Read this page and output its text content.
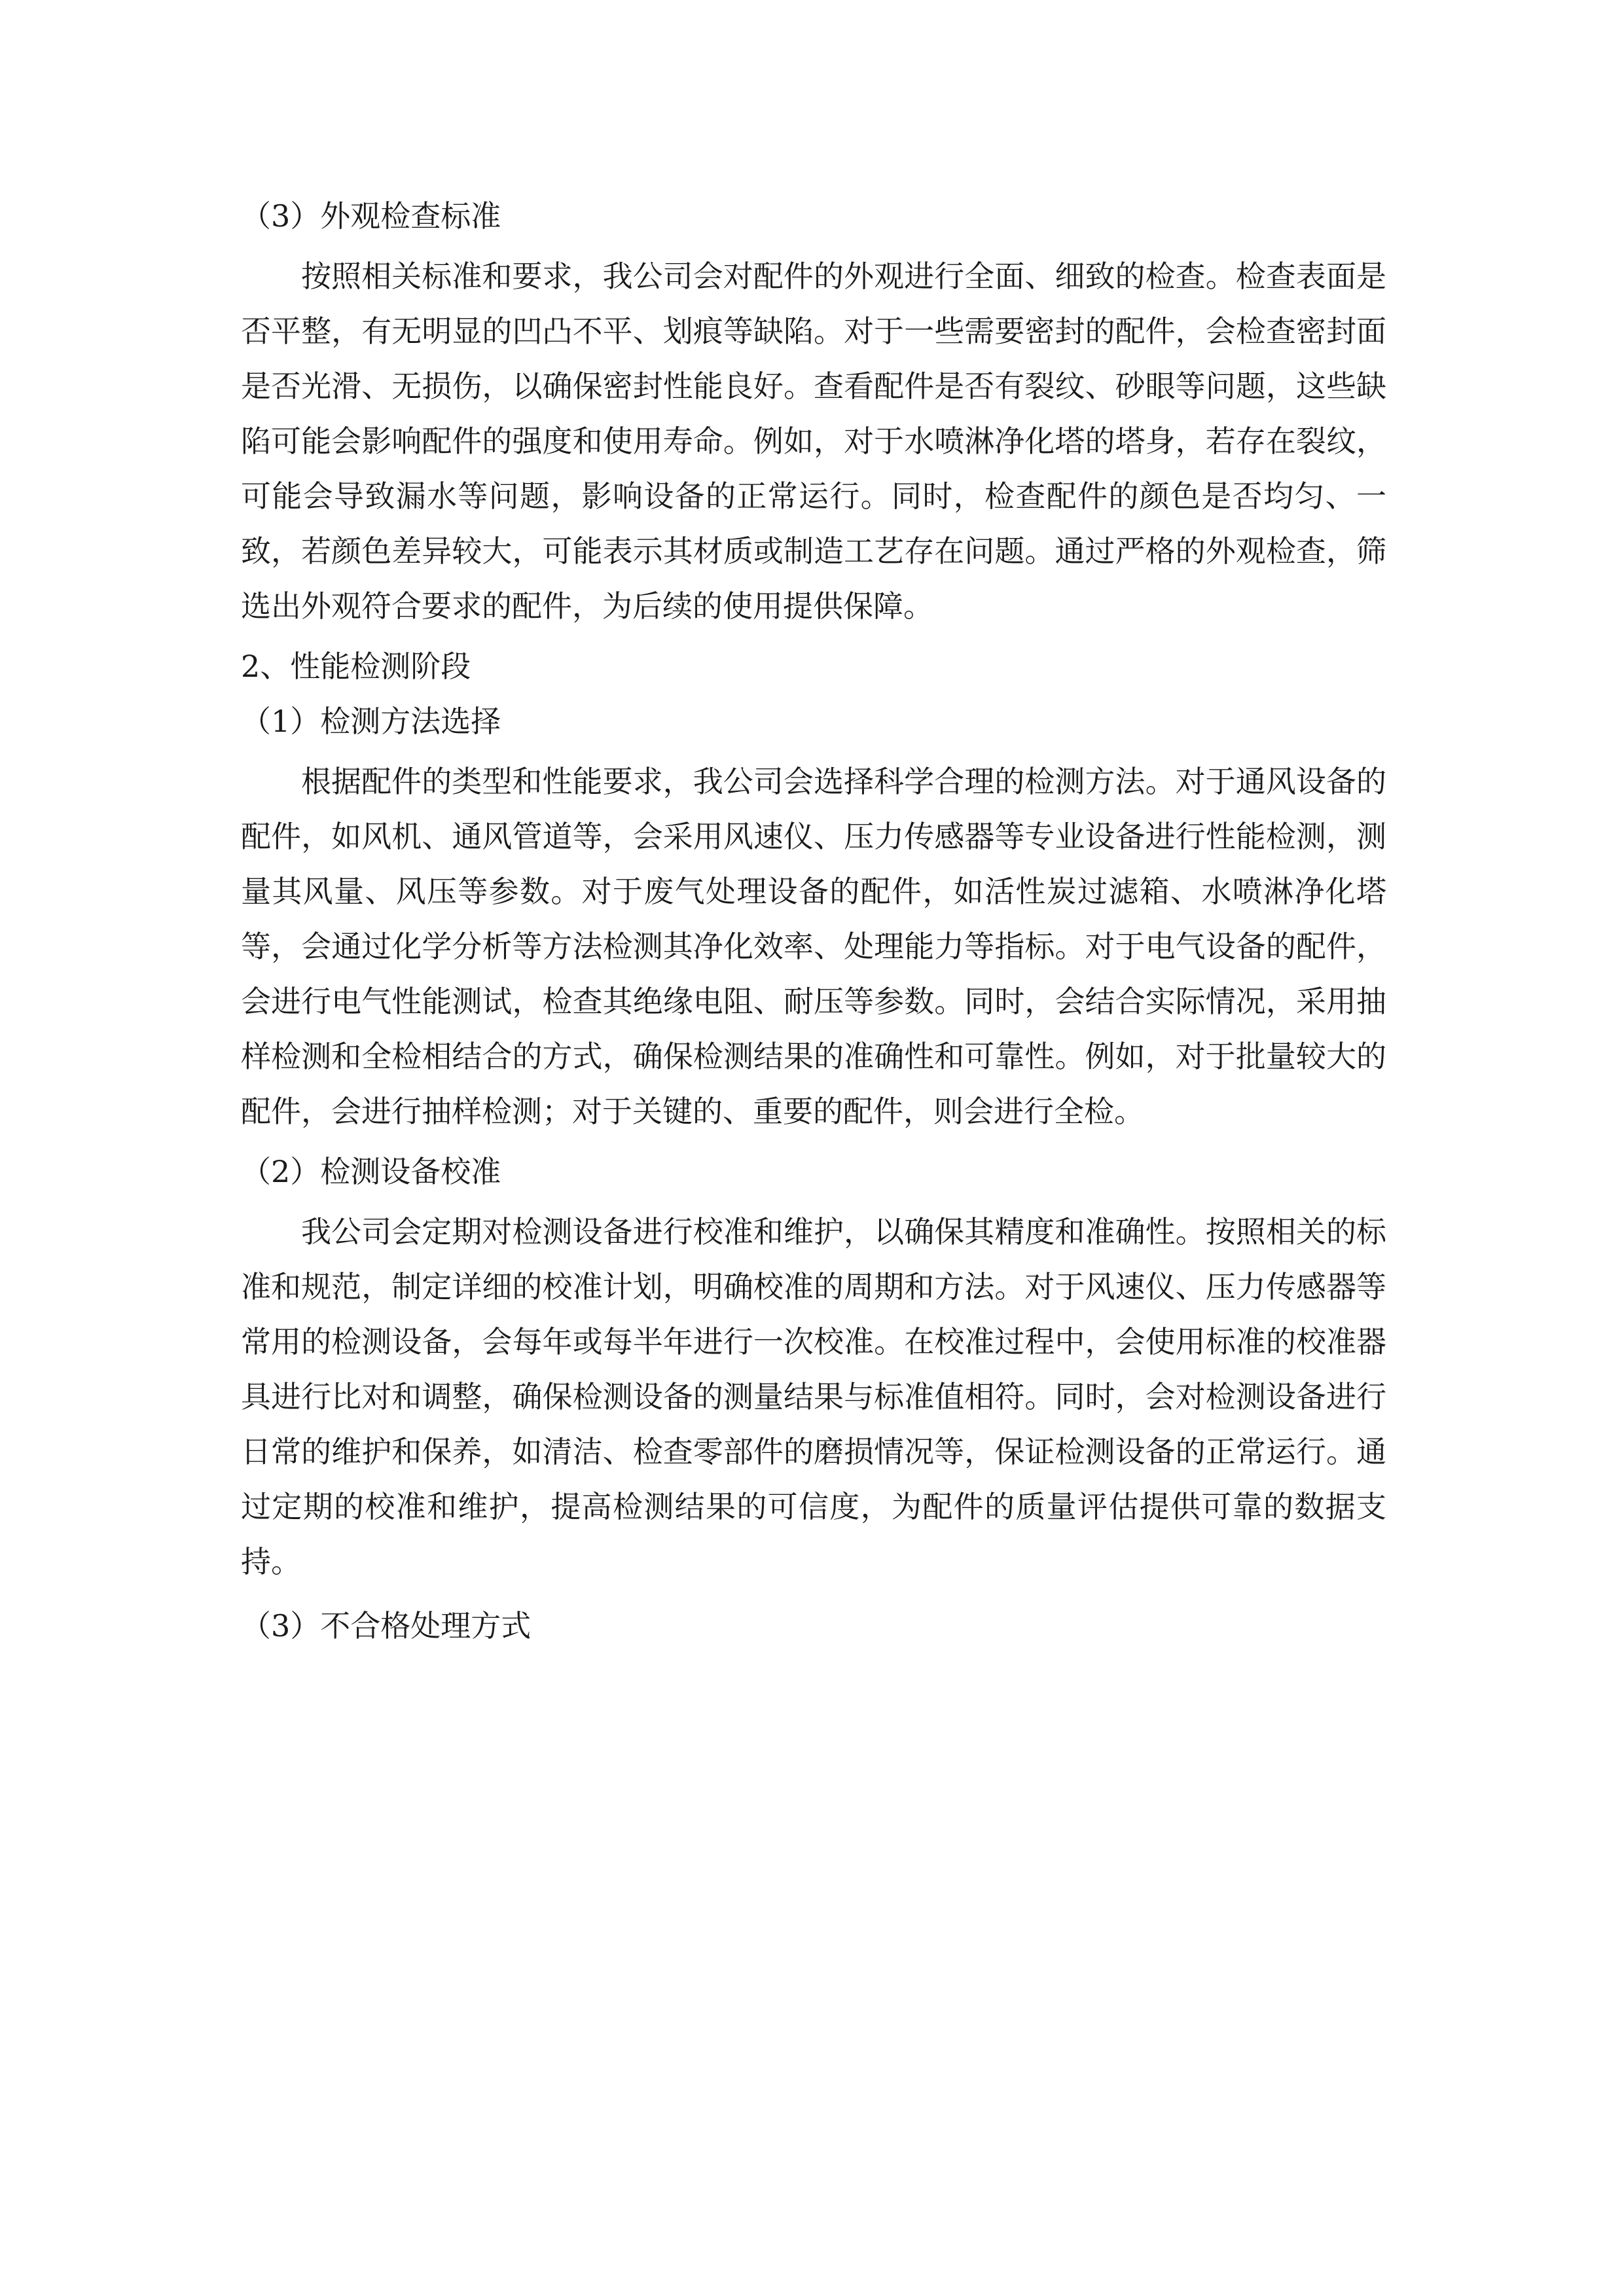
（3）外观检查标准

按照相关标准和要求，我公司会对配件的外观进行全面、细致的检查。检查表面是否平整，有无明显的凹凸不平、划痕等缺陷。对于一些需要密封的配件，会检查密封面是否光滑、无损伤，以确保密封性能良好。查看配件是否有裂纹、砂眼等问题，这些缺陷可能会影响配件的强度和使用寿命。例如，对于水喷淋净化塔的塔身，若存在裂纹，可能会导致漏水等问题，影响设备的正常运行。同时，检查配件的颜色是否均匀、一致，若颜色差异较大，可能表示其材质或制造工艺存在问题。通过严格的外观检查，筛选出外观符合要求的配件，为后续的使用提供保障。

2、性能检测阶段

（1）检测方法选择

根据配件的类型和性能要求，我公司会选择科学合理的检测方法。对于通风设备的配件，如风机、通风管道等，会采用风速仪、压力传感器等专业设备进行性能检测，测量其风量、风压等参数。对于废气处理设备的配件，如活性炭过滤箱、水喷淋净化塔等，会通过化学分析等方法检测其净化效率、处理能力等指标。对于电气设备的配件，会进行电气性能测试，检查其绝缘电阻、耐压等参数。同时，会结合实际情况，采用抽样检测和全检相结合的方式，确保检测结果的准确性和可靠性。例如，对于批量较大的配件，会进行抽样检测；对于关键的、重要的配件，则会进行全检。

（2）检测设备校准

我公司会定期对检测设备进行校准和维护，以确保其精度和准确性。按照相关的标准和规范，制定详细的校准计划，明确校准的周期和方法。对于风速仪、压力传感器等常用的检测设备，会每年或每半年进行一次校准。在校准过程中，会使用标准的校准器具进行比对和调整，确保检测设备的测量结果与标准值相符。同时，会对检测设备进行日常的维护和保养，如清洁、检查零部件的磨损情况等，保证检测设备的正常运行。通过定期的校准和维护，提高检测结果的可信度，为配件的质量评估提供可靠的数据支持。

（3）不合格处理方式
